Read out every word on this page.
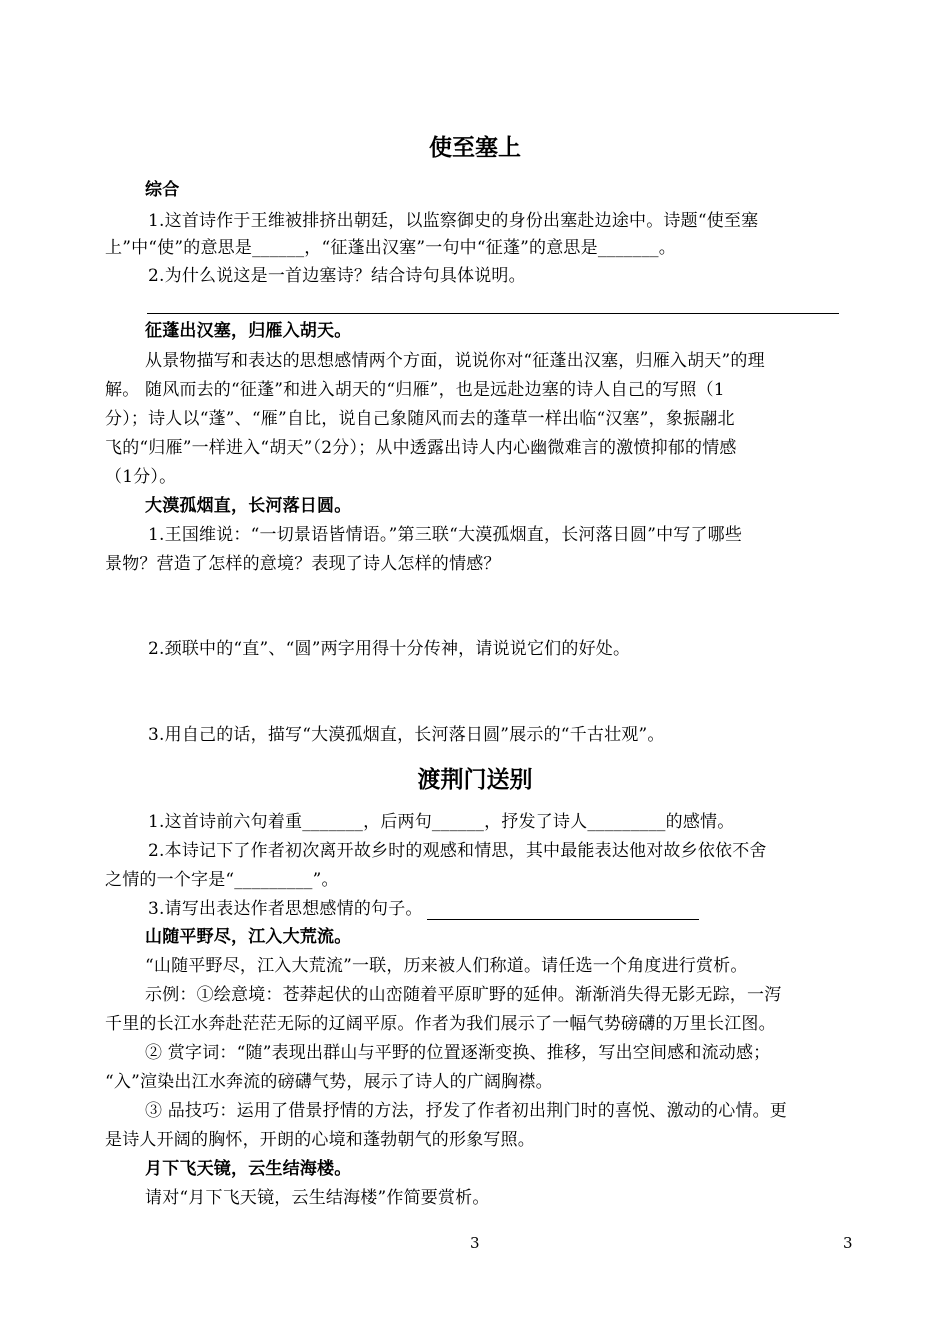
使至塞上
综合
1.这首诗作于王维被排挤出朝廷，以监察御史的身份出塞赴边途中。诗题“使至塞
上”中“使”的意思是______，“征蓬出汉塞”一句中“征蓬”的意思是_______。
2.为什么说这是一首边塞诗？结合诗句具体说明。
征蓬出汉塞，归雁入胡天。
从景物描写和表达的思想感情两个方面，说说你对“征蓬出汉塞，归雁入胡天”的理
解。 随风而去的“征蓬”和进入胡天的“归雁”，也是远赴边塞的诗人自己的写照（1
分）；诗人以“蓬”、“雁”自比，说自己象随风而去的蓬草一样出临“汉塞”，象振翮北
飞的“归雁”一样进入“胡天”（2分）；从中透露出诗人内心幽微难言的激愤抑郁的情感
（1分）。
大漠孤烟直，长河落日圆。
1.王国维说：“一切景语皆情语。”第三联“大漠孤烟直，长河落日圆”中写了哪些
景物？营造了怎样的意境？表现了诗人怎样的情感？
2.颈联中的“直”、“圆”两字用得十分传神，请说说它们的好处。
3.用自己的话，描写“大漠孤烟直，长河落日圆”展示的“千古壮观”。
渡荆门送别
1.这首诗前六句着重_______，后两句______，抒发了诗人_________的感情。
2.本诗记下了作者初次离开故乡时的观感和情思，其中最能表达他对故乡依依不舍
之情的一个字是“_________”。
3.请写出表达作者思想感情的句子。
山随平野尽，江入大荒流。
“山随平野尽，江入大荒流”一联，历来被人们称道。请任选一个角度进行赏析。
示例：①绘意境：苍莽起伏的山峦随着平原旷野的延伸。渐渐消失得无影无踪，一泻
千里的长江水奔赴茫茫无际的辽阔平原。作者为我们展示了一幅气势磅礴的万里长江图。
② 赏字词：“随”表现出群山与平野的位置逐渐变换、推移，写出空间感和流动感；
“入”渲染出江水奔流的磅礴气势，展示了诗人的广阔胸襟。
③ 品技巧：运用了借景抒情的方法，抒发了作者初出荆门时的喜悦、激动的心情。更
是诗人开阔的胸怀，开朗的心境和蓬勃朝气的形象写照。
月下飞天镜，云生结海楼。
请对“月下飞天镜，云生结海楼”作简要赏析。
3	3
